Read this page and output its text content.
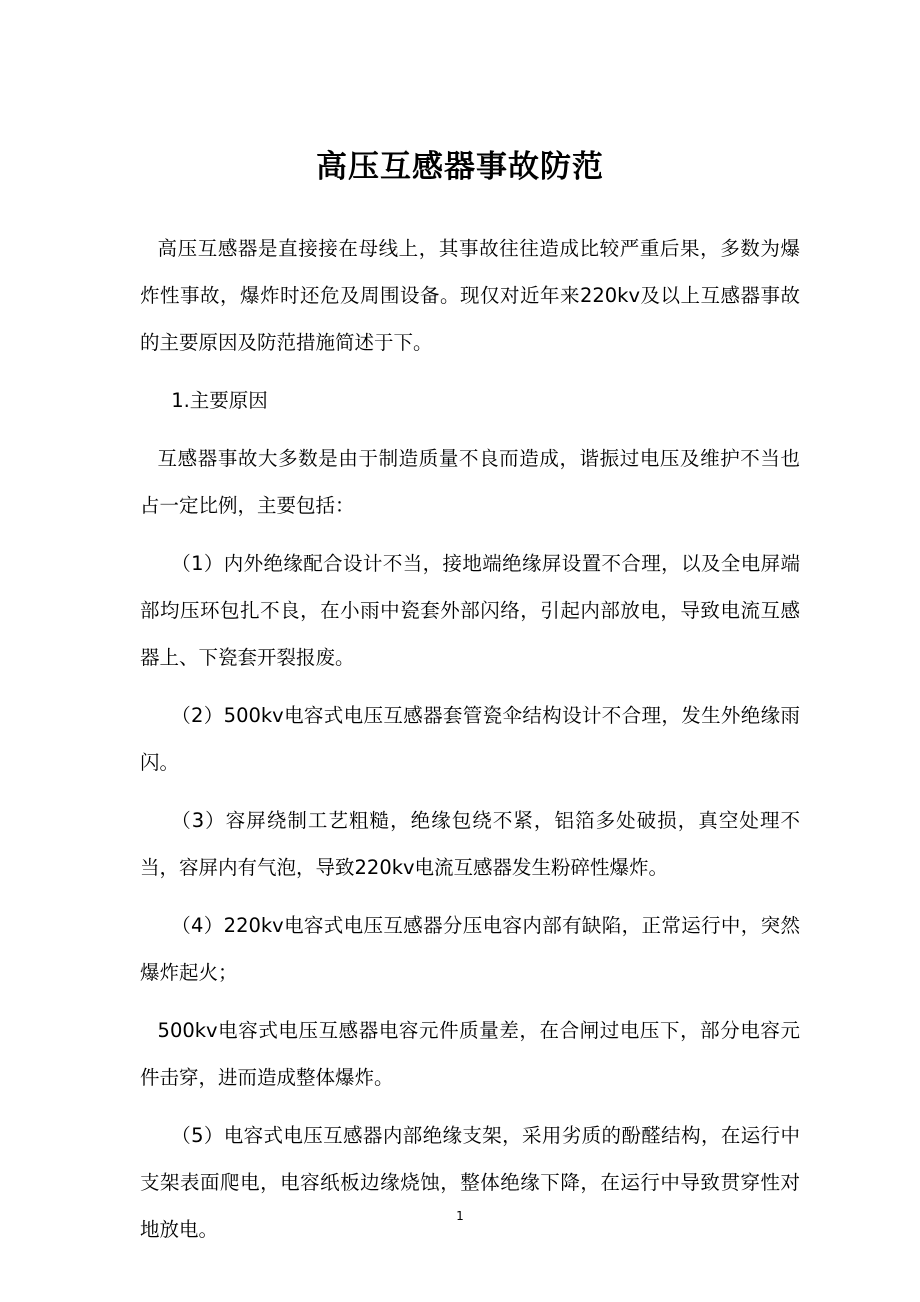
高压互感器事故防范

高压互感器是直接接在母线上，其事故往往造成比较严重后果，多数为爆炸性事故，爆炸时还危及周围设备。现仅对近年来220kv及以上互感器事故的主要原因及防范措施简述于下。

1.主要原因

互感器事故大多数是由于制造质量不良而造成，谐振过电压及维护不当也占一定比例，主要包括：

（1）内外绝缘配合设计不当，接地端绝缘屏设置不合理，以及全电屏端部均压环包扎不良，在小雨中瓷套外部闪络，引起内部放电，导致电流互感器上、下瓷套开裂报废。

（2）500kv电容式电压互感器套管瓷伞结构设计不合理，发生外绝缘雨闪。

（3）容屏绕制工艺粗糙，绝缘包绕不紧，铝箔多处破损，真空处理不当，容屏内有气泡，导致220kv电流互感器发生粉碎性爆炸。

（4）220kv电容式电压互感器分压电容内部有缺陷，正常运行中，突然爆炸起火；

500kv电容式电压互感器电容元件质量差，在合闸过电压下，部分电容元件击穿，进而造成整体爆炸。

（5）电容式电压互感器内部绝缘支架，采用劣质的酚醛结构，在运行中支架表面爬电，电容纸板边缘烧蚀，整体绝缘下降，在运行中导致贯穿性对地放电。

1
